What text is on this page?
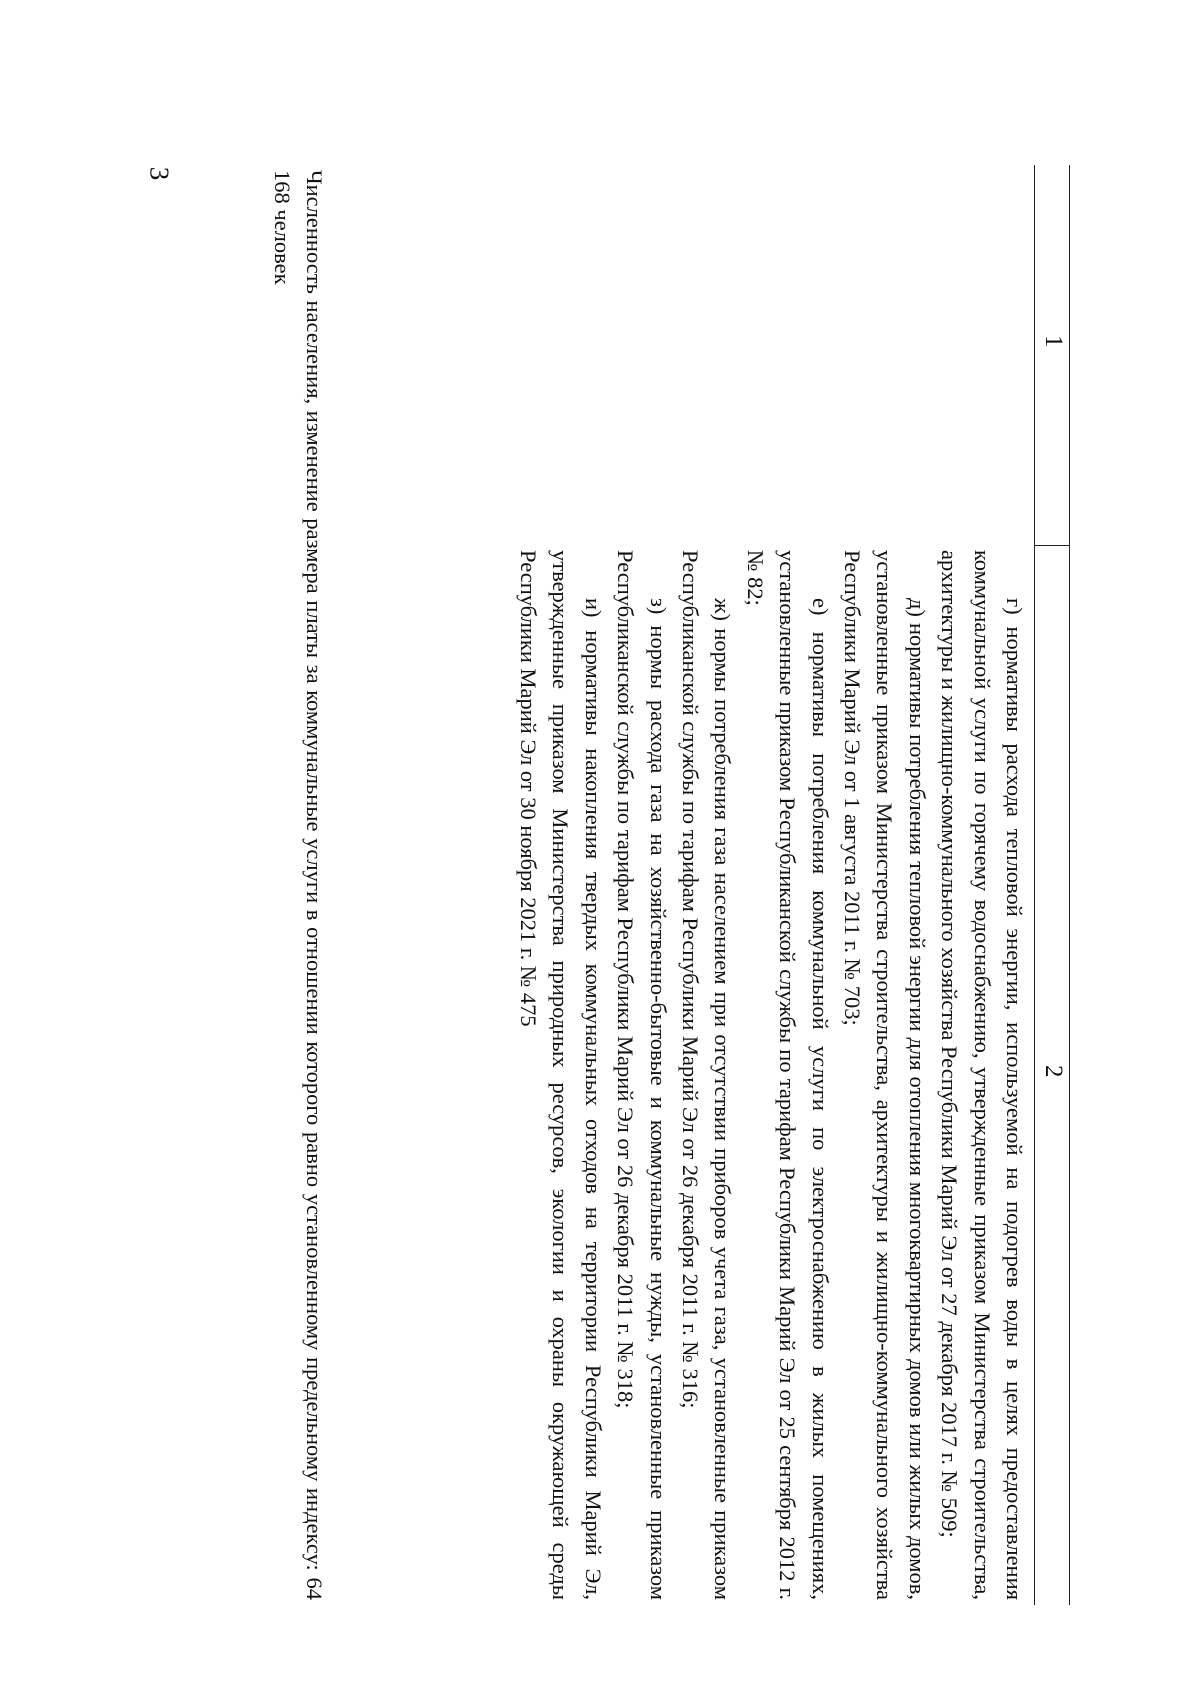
3
1
2

г) нормативы расхода тепловой энергии, используемой на подогрев воды в целях предоставления коммунальной услуги по горячему водоснабжению, утвержденные приказом Министерства строительства, архитектуры и жилищно-коммунального хозяйства Республики Марий Эл от 27 декабря 2017 г. № 509;

д) нормативы потребления тепловой энергии для отопления многоквартирных домов или жилых домов, установленные приказом Министерства строительства, архитектуры и жилищно-коммунального хозяйства Республики Марий Эл от 1 августа 2011 г. № 703;

е) нормативы потребления коммунальной услуги по электроснабжению в жилых помещениях, установленные приказом Республиканской службы по тарифам Республики Марий Эл от 25 сентября 2012 г. № 82;

ж) нормы потребления газа населением при отсутствии приборов учета газа, установленные приказом Республиканской службы по тарифам Республики Марий Эл от 26 декабря 2011 г. № 316;

з) нормы расхода газа на хозяйственно-бытовые и коммунальные нужды, установленные приказом Республиканской службы по тарифам Республики Марий Эл от 26 декабря 2011 г. № 318;

и) нормативы накопления твердых коммунальных отходов на территории Республики Марий Эл, утвержденные приказом Министерства природных ресурсов, экологии и охраны окружающей среды Республики Марий Эл от 30 ноября 2021 г. № 475

Численность населения, изменение размера платы за коммунальные услуги в отношении которого равно установленному предельному индексу: 64 168 человек
